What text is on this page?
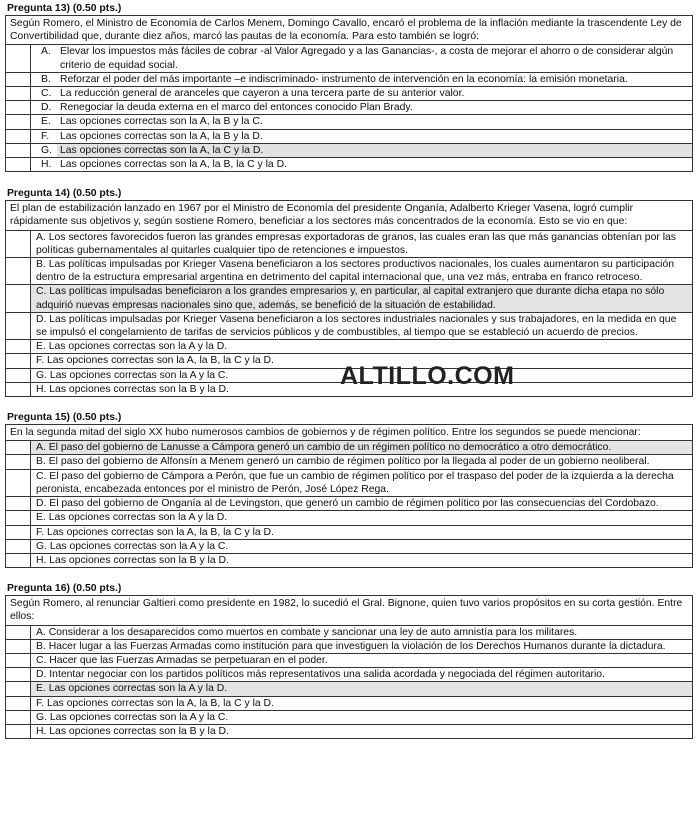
Pregunta 13) (0.50 pts.)
Según Romero, el Ministro de Economía de Carlos Menem, Domingo Cavallo, encaró el problema de la inflación mediante la trascendente Ley de Convertibilidad que, durante diez años, marcó las pautas de la economía. Para esto también se logró:
A. Elevar los impuestos más fáciles de cobrar -al Valor Agregado y a las Ganancias-, a costa de mejorar el ahorro o de considerar algún criterio de equidad social.
B. Reforzar el poder del más importante –e indiscriminado- instrumento de intervención en la economía: la emisión monetaria.
C. La reducción general de aranceles que cayeron a una tercera parte de su anterior valor.
D. Renegociar la deuda externa en el marco del entonces conocido Plan Brady.
E. Las opciones correctas son la A, la B y la C.
F.	Las opciones correctas son la A, la B y la D.
G. Las opciones correctas son la A, la C y la D.
H. Las opciones correctas son la A, la B, la C y la D.
Pregunta 14) (0.50 pts.)
El plan de estabilización lanzado en 1967 por el Ministro de Economía del presidente Onganía, Adalberto Krieger Vasena, logró cumplir rápidamente sus objetivos y, según sostiene Romero, beneficiar a los sectores más concentrados de la economía. Esto se vio en que:
A. Los sectores favorecidos fueron las grandes empresas exportadoras de granos, las cuales eran las que más ganancias obtenían por las políticas gubernamentales al quitarles cualquier tipo de retenciones e impuestos.
B. Las políticas impulsadas por Krieger Vasena beneficiaron a los sectores productivos nacionales, los cuales aumentaron su participación dentro de la estructura empresarial argentina en detrimento del capital internacional que, una vez más, entraba en franco retroceso.
C. Las políticas impulsadas beneficiaron a los grandes empresarios y, en particular, al capital extranjero que durante dicha etapa no sólo adquirió nuevas empresas nacionales sino que, además, se benefició de la situación de estabilidad.
D. Las políticas impulsadas por Krieger Vasena beneficiaron a los sectores industriales nacionales y sus trabajadores, en la medida en que se impulsó el congelamiento de tarifas de servicios públicos y de combustibles, al tiempo que se estableció un acuerdo de precios.
E. Las opciones correctas son la A y la D.
F. Las opciones correctas son la A, la B, la C y la D.
G. Las opciones correctas son la A y la C.
H. Las opciones correctas son la B y la D.
Pregunta 15) (0.50 pts.)
En la segunda mitad del siglo XX hubo numerosos cambios de gobiernos y de régimen político. Entre los segundos se puede mencionar:
A. El paso del gobierno de Lanusse a Cámpora generó un cambio de un régimen político no democrático a otro democrático.
B. El paso del gobierno de Alfonsín a Menem generó un cambio de régimen político por la llegada al poder de un gobierno neoliberal.
C. El paso del gobierno de Cámpora a Perón, que fue un cambio de régimen político por el traspaso del poder de la izquierda a la derecha peronista, encabezada entonces por el ministro de Perón, José López Rega.
D. El paso del gobierno de Onganía al de Levingston, que generó un cambio de régimen político por las consecuencias del Cordobazo.
E. Las opciones correctas son la A y la D.
F. Las opciones correctas son la A, la B, la C y la D.
G. Las opciones correctas son la A y la C.
H. Las opciones correctas son la B y la D.
Pregunta 16) (0.50 pts.)
Según Romero, al renunciar Galtieri como presidente en 1982, lo sucedió el Gral. Bignone, quien tuvo varios propósitos en su corta gestión. Entre ellos:
A. Considerar a los desaparecidos como muertos en combate y sancionar una ley de auto amnistía para los militares.
B. Hacer lugar a las Fuerzas Armadas como institución para que investiguen la violación de los Derechos Humanos durante la dictadura.
C. Hacer que las Fuerzas Armadas se perpetuaran en el poder.
D. Intentar negociar con los partidos políticos más representativos una salida acordada y negociada del régimen autoritario.
E. Las opciones correctas son la A y la D.
F. Las opciones correctas son la A, la B, la C y la D.
G. Las opciones correctas son la A y la C.
H. Las opciones correctas son la B y la D.
ALTILLO.COM
